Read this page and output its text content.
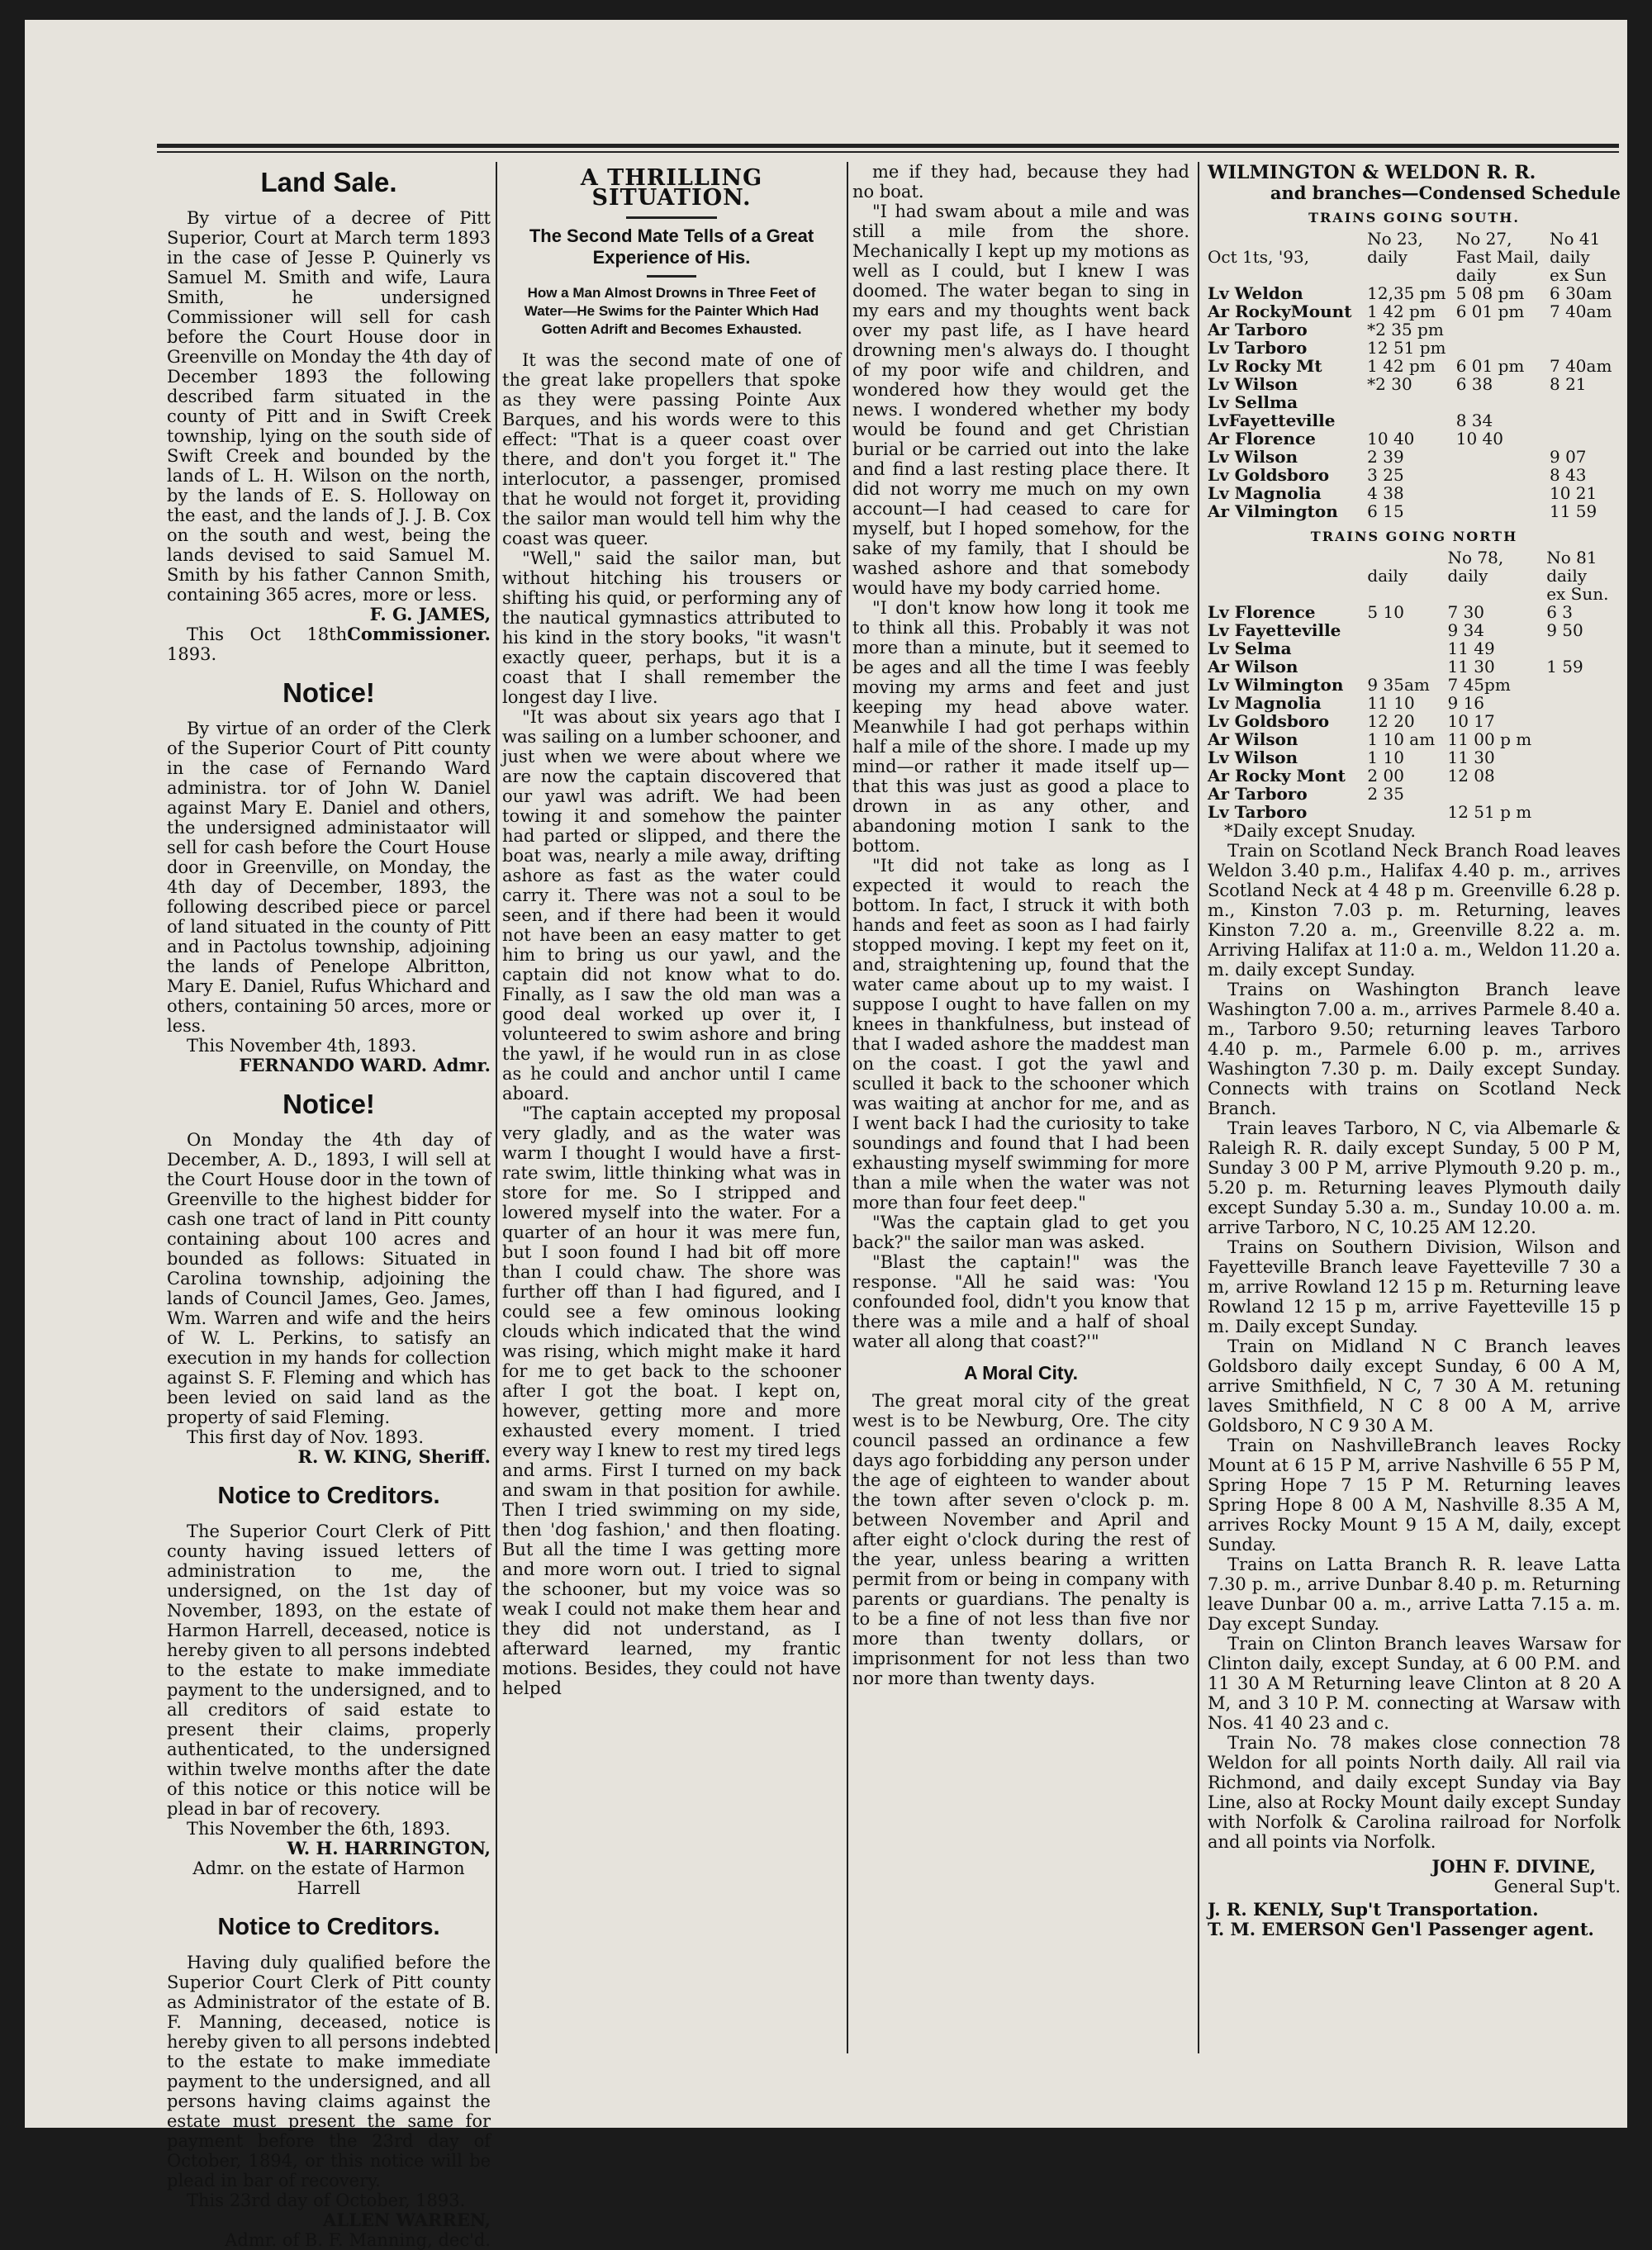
Land Sale.

By virtue of a decree of Pitt Superior, Court at March term 1893 in the case of Jesse P. Quinerly vs Samuel M. Smith and wife, Laura Smith, he undersigned Commissioner will sell for cash before the Court House door in Greenville on Monday the 4th day of December 1893 the following described farm situated in the county of Pitt and in Swift Creek township, lying on the south side of Swift Creek and bounded by the lands of L. H. Wilson on the north, by the lands of E. S. Holloway on the east, and the lands of J. J. B. Cox on the south and west, being the lands devised to said Samuel M. Smith by his father Cannon Smith, containing 365 acres, more or less.

F. G. JAMES,
This Oct 18th 1893.
Commissioner.
Notice!

By virtue of an order of the Clerk of the Superior Court of Pitt county in the case of Fernando Ward administra. tor of John W. Daniel against Mary E. Daniel and others, the undersigned administaator will sell for cash before the Court House door in Greenville, on Monday, the 4th day of December, 1893, the following described piece or parcel of land situated in the county of Pitt and in Pactolus township, adjoining the lands of Penelope Albritton, Mary E. Daniel, Rufus Whichard and others, containing 50 arces, more or less.

This November 4th, 1893.

FERNANDO WARD. Admr.
Notice!

On Monday the 4th day of December, A. D., 1893, I will sell at the Court House door in the town of Greenville to the highest bidder for cash one tract of land in Pitt county containing about 100 acres and bounded as follows: Situated in Carolina township, adjoining the lands of Council James, Geo. James, Wm. Warren and wife and the heirs of W. L. Perkins, to satisfy an execution in my hands for collection against S. F. Fleming and which has been levied on said land as the property of said Fleming.

This first day of Nov. 1893.

R. W. KING, Sheriff.
Notice to Creditors.

The Superior Court Clerk of Pitt county having issued letters of administration to me, the undersigned, on the 1st day of November, 1893, on the estate of Harmon Harrell, deceased, notice is hereby given to all persons indebted to the estate to make immediate payment to the undersigned, and to all creditors of said estate to present their claims, properly authenticated, to the undersigned within twelve months after the date of this notice or this notice will be plead in bar of recovery.

This November the 6th, 1893.

W. H. HARRINGTON,
Admr. on the estate of Harmon Harrell
Notice to Creditors.

Having duly qualified before the Superior Court Clerk of Pitt county as Administrator of the estate of B. F. Manning, deceased, notice is hereby given to all persons indebted to the estate to make immediate payment to the undersigned, and all persons having claims against the estate must present the same for payment before the 23rd day of October, 1894, or this notice will be plead in bar of recovery.

This 23rd day of October, 1893.

ALLEN WARREN,
Admr. of B. F. Manning, dec'd.
A THRILLING SITUATION.
The Second Mate Tells of a Great Experience of His.
How a Man Almost Drowns in Three Feet of Water—He Swims for the Painter Which Had Gotten Adrift and Becomes Exhausted.

It was the second mate of one of the great lake propellers that spoke as they were passing Pointe Aux Barques, and his words were to this effect: "That is a queer coast over there, and don't you forget it." The interlocutor, a passenger, promised that he would not forget it, providing the sailor man would tell him why the coast was queer.

"Well," said the sailor man, but without hitching his trousers or shifting his quid, or performing any of the nautical gymnastics attributed to his kind in the story books, "it wasn't exactly queer, perhaps, but it is a coast that I shall remember the longest day I live.

"It was about six years ago that I was sailing on a lumber schooner, and just when we were about where we are now the captain discovered that our yawl was adrift. We had been towing it and somehow the painter had parted or slipped, and there the boat was, nearly a mile away, drifting ashore as fast as the water could carry it. There was not a soul to be seen, and if there had been it would not have been an easy matter to get him to bring us our yawl, and the captain did not know what to do. Finally, as I saw the old man was a good deal worked up over it, I volunteered to swim ashore and bring the yawl, if he would run in as close as he could and anchor until I came aboard.

"The captain accepted my proposal very gladly, and as the water was warm I thought I would have a first-rate swim, little thinking what was in store for me. So I stripped and lowered myself into the water. For a quarter of an hour it was mere fun, but I soon found I had bit off more than I could chaw. The shore was further off than I had figured, and I could see a few ominous looking clouds which indicated that the wind was rising, which might make it hard for me to get back to the schooner after I got the boat. I kept on, however, getting more and more exhausted every moment. I tried every way I knew to rest my tired legs and arms. First I turned on my back and swam in that position for awhile. Then I tried swimming on my side, then 'dog fashion,' and then floating. But all the time I was getting more and more worn out. I tried to signal the schooner, but my voice was so weak I could not make them hear and they did not understand, as I afterward learned, my frantic motions. Besides, they could not have helped

me if they had, because they had no boat.

"I had swam about a mile and was still a mile from the shore. Mechanically I kept up my motions as well as I could, but I knew I was doomed. The water began to sing in my ears and my thoughts went back over my past life, as I have heard drowning men's always do. I thought of my poor wife and children, and wondered how they would get the news. I wondered whether my body would be found and get Christian burial or be carried out into the lake and find a last resting place there. It did not worry me much on my own account—I had ceased to care for myself, but I hoped somehow, for the sake of my family, that I should be washed ashore and that somebody would have my body carried home.

"I don't know how long it took me to think all this. Probably it was not more than a minute, but it seemed to be ages and all the time I was feebly moving my arms and feet and just keeping my head above water. Meanwhile I had got perhaps within half a mile of the shore. I made up my mind—or rather it made itself up—that this was just as good a place to drown in as any other, and abandoning motion I sank to the bottom.

"It did not take as long as I expected it would to reach the bottom. In fact, I struck it with both hands and feet as soon as I had fairly stopped moving. I kept my feet on it, and, straightening up, found that the water came about up to my waist. I suppose I ought to have fallen on my knees in thankfulness, but instead of that I waded ashore the maddest man on the coast. I got the yawl and sculled it back to the schooner which was waiting at anchor for me, and as I went back I had the curiosity to take soundings and found that I had been exhausting myself swimming for more than a mile when the water was not more than four feet deep."

"Was the captain glad to get you back?" the sailor man was asked.

"Blast the captain!" was the response. "All he said was: 'You confounded fool, didn't you know that there was a mile and a half of shoal water all along that coast?'"

A Moral City.

The great moral city of the great west is to be Newburg, Ore. The city council passed an ordinance a few days ago forbidding any person under the age of eighteen to wander about the town after seven o'clock p. m. between November and April and after eight o'clock during the rest of the year, unless bearing a written permit from or being in company with parents or guardians. The penalty is to be a fine of not less than five nor more than twenty dollars, or imprisonment for not less than two nor more than twenty days.

WILMINGTON & WELDON R. R.
and branches—Condensed Schedule
TRAINS GOING SOUTH.
	No 23,	No 27,	No 41
Oct 1ts, '93,	daily	Fast Mail,	daily
		daily	ex Sun
Lv Weldon	12,35 pm	5 08 pm	6 30am
Ar RockyMount	1 42 pm	6 01 pm	7 40am
Ar Tarboro	*2 35 pm		
Lv Tarboro	12 51 pm		
Lv Rocky Mt	1 42 pm	6 01 pm	7 40am
Lv Wilson	*2 30	6 38	8 21
Lv Sellma			
LvFayetteville		8 34	
Ar Florence	10 40	10 40	
Lv Wilson	2 39		9 07
Lv Goldsboro	3 25		8 43
Lv Magnolia	4 38		10 21
Ar Vilmington	6 15		11 59
TRAINS GOING NORTH
		No 78,	No 81
	daily	daily	daily
			ex Sun.
Lv Florence	5 10	7 30	6 3
Lv Fayetteville		9 34	9 50
Lv Selma		11 49	
Ar Wilson		11 30	1 59
Lv Wilmington	9 35am	7 45pm	
Lv Magnolia	11 10	9 16	
Lv Goldsboro	12 20	10 17	
Ar Wilson	1 10 am	11 00 p m	
Lv Wilson	1 10	11 30	
Ar Rocky Mont	2 00	12 08	
Ar Tarboro	2 35		
Lv Tarboro		12 51 p m	
*Daily except Snuday.

Train on Scotland Neck Branch Road leaves Weldon 3.40 p.m., Halifax 4.40 p. m., arrives Scotland Neck at 4 48 p m. Greenville 6.28 p. m., Kinston 7.03 p. m. Returning, leaves Kinston 7.20 a. m., Greenville 8.22 a. m. Arriving Halifax at 11:0 a. m., Weldon 11.20 a. m. daily except Sunday.

Trains on Washington Branch leave Washington 7.00 a. m., arrives Parmele 8.40 a. m., Tarboro 9.50; returning leaves Tarboro 4.40 p. m., Parmele 6.00 p. m., arrives Washington 7.30 p. m. Daily except Sunday. Connects with trains on Scotland Neck Branch.

Train leaves Tarboro, N C, via Albemarle & Raleigh R. R. daily except Sunday, 5 00 P M, Sunday 3 00 P M, arrive Plymouth 9.20 p. m., 5.20 p. m. Returning leaves Plymouth daily except Sunday 5.30 a. m., Sunday 10.00 a. m. arrive Tarboro, N C, 10.25 AM 12.20.

Trains on Southern Division, Wilson and Fayetteville Branch leave Fayetteville 7 30 a m, arrive Rowland 12 15 p m. Returning leave Rowland 12 15 p m, arrive Fayetteville 15 p m. Daily except Sunday.

Train on Midland N C Branch leaves Goldsboro daily except Sunday, 6 00 A M, arrive Smithfield, N C, 7 30 A M. retuning laves Smithfield, N C 8 00 A M, arrive Goldsboro, N C 9 30 A M.

Train on NashvilleBranch leaves Rocky Mount at 6 15 P M, arrive Nashville 6 55 P M, Spring Hope 7 15 P M. Returning leaves Spring Hope 8 00 A M, Nashville 8.35 A M, arrives Rocky Mount 9 15 A M, daily, except Sunday.

Trains on Latta Branch R. R. leave Latta 7.30 p. m., arrive Dunbar 8.40 p. m. Returning leave Dunbar 00 a. m., arrive Latta 7.15 a. m. Day except Sunday.

Train on Clinton Branch leaves Warsaw for Clinton daily, except Sunday, at 6 00 P.M. and 11 30 A M Returning leave Clinton at 8 20 A M, and 3 10 P. M. connecting at Warsaw with Nos. 41 40 23 and c.

Train No. 78 makes close connection 78 Weldon for all points North daily. All rail via Richmond, and daily except Sunday via Bay Line, also at Rocky Mount daily except Sunday with Norfolk & Carolina railroad for Norfolk and all points via Norfolk.

JOHN F. DIVINE,
General Sup't.
J. R. KENLY, Sup't Transportation.
T. M. EMERSON Gen'l Passenger agent.
